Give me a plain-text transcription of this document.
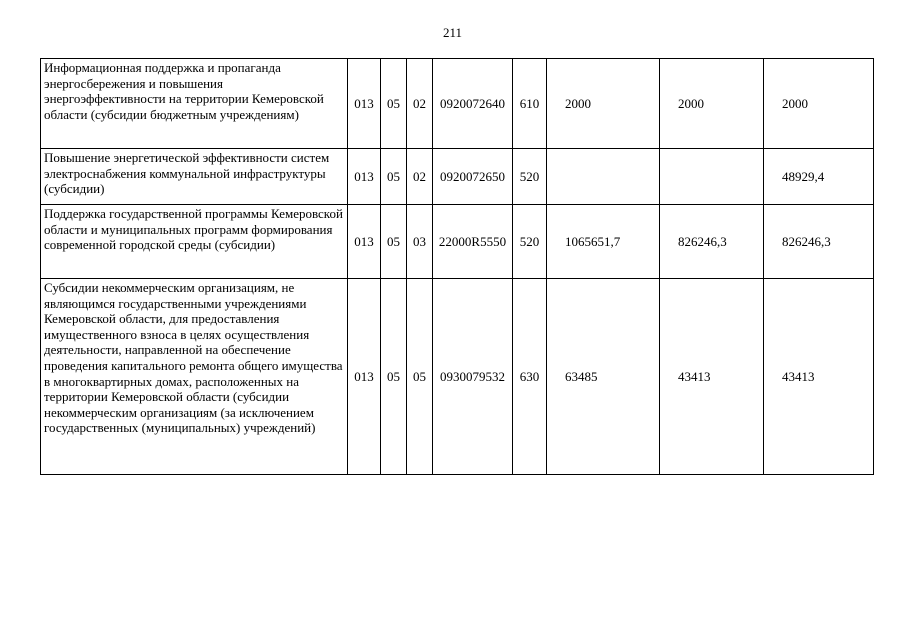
211
Информационная поддержка и пропаганда энергосбережения и повышения энергоэффективности на территории Кемеровской области (субсидии бюджетным учреждениям)	013	05	02	0920072640	610	2000	2000	2000
Повышение энергетической эффективности систем электроснабжения коммунальной инфраструктуры (субсидии)	013	05	02	0920072650	520			48929,4
Поддержка государственной программы Кемеровской области и муниципальных программ формирования современной городской среды (субсидии)	013	05	03	22000R5550	520	1065651,7	826246,3	826246,3
Субсидии некоммерческим организациям, не являющимся государственными учреждениями Кемеровской области, для предоставления имущественного взноса в целях осуществления деятельности, направленной на обеспечение проведения капитального ремонта общего имущества в многоквартирных домах, расположенных на территории Кемеровской области (субсидии некоммерческим организациям (за исключением государственных (муниципальных) учреждений)	013	05	05	0930079532	630	63485	43413	43413
